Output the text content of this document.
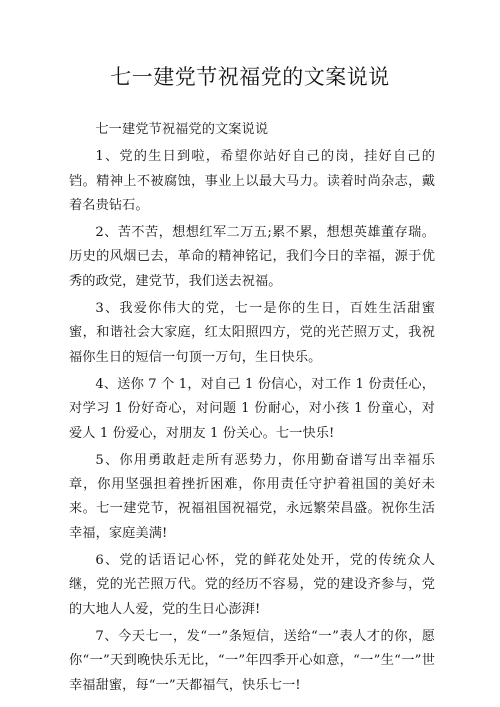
七一建党节祝福党的文案说说

七一建党节祝福党的文案说说

1、党的生日到啦，希望你站好自己的岗，挂好自己的铛。精神上不被腐蚀，事业上以最大马力。读着时尚杂志，戴着名贵钻石。

2、苦不苦，想想红军二万五;累不累，想想英雄董存瑞。历史的风烟已去，革命的精神铭记，我们今日的幸福，源于优秀的政党，建党节，我们送去祝福。

3、我爱你伟大的党，七一是你的生日，百姓生活甜蜜蜜，和谐社会大家庭，红太阳照四方，党的光芒照万丈，我祝福你生日的短信一句顶一万句，生日快乐。

4、送你 7 个 1，对自己 1 份信心，对工作 1 份责任心，对学习 1 份好奇心，对问题 1 份耐心，对小孩 1 份童心，对爱人 1 份爱心，对朋友 1 份关心。七一快乐!

5、你用勇敢赶走所有恶势力，你用勤奋谱写出幸福乐章，你用坚强担着挫折困难，你用责任守护着祖国的美好未来。七一建党节，祝福祖国祝福党，永远繁荣昌盛。祝你生活幸福，家庭美满!

6、党的话语记心怀，党的鲜花处处开，党的传统众人继，党的光芒照万代。党的经历不容易，党的建设齐参与，党的大地人人爱，党的生日心澎湃!

7、今天七一，发“一”条短信，送给“一”表人才的你，愿你“一”天到晚快乐无比，“一”年四季开心如意，“一”生“一”世幸福甜蜜，每“一”天都福气，快乐七一!
